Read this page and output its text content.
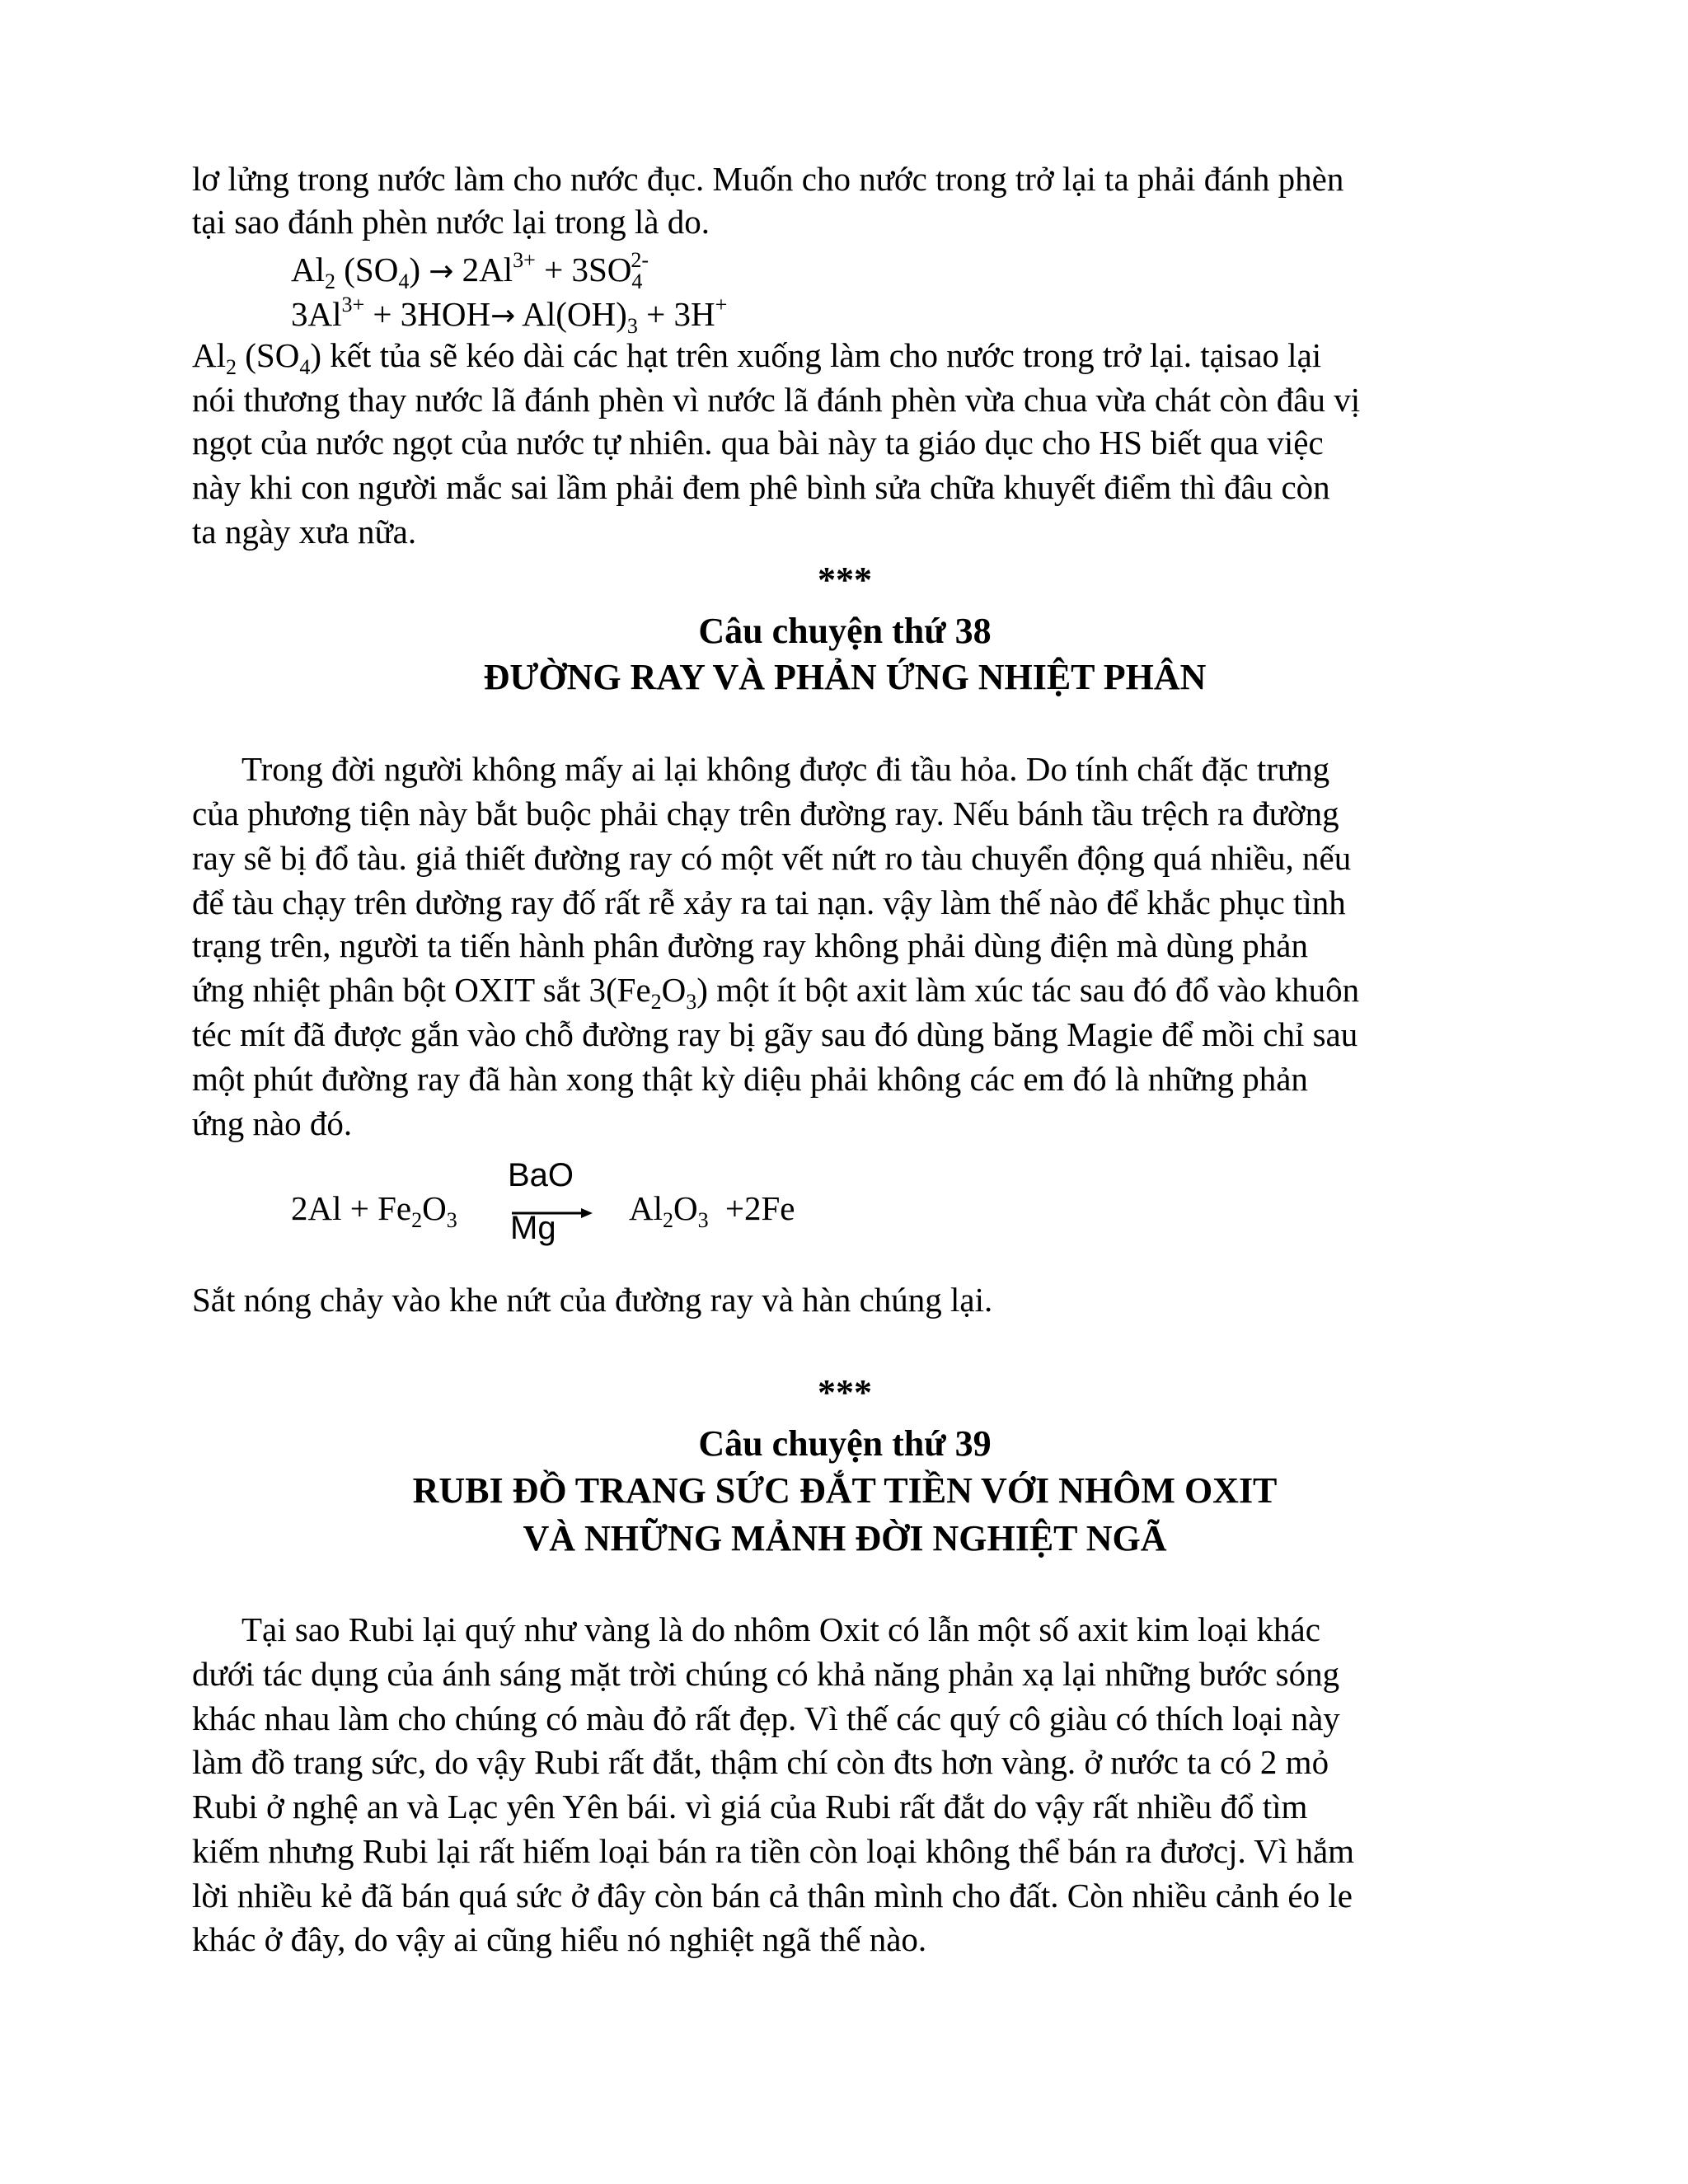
lơ lửng trong nước làm cho nước đục. Muốn cho nước trong trở lại ta phải đánh phèn
tại sao đánh phèn nước lại trong là do.
$Al_2$ $(SO_4) \to 2Al^{3+} + 3SO_4^{2-}$
$3Al^{3+} + 3HOH\to Al(OH)_3 + 3H^+$
$Al_2$ $(SO_4)$ kết tủa sẽ kéo dài các hạt trên xuống làm cho nước trong trở lại. tạisao lại
nói thương thay nước lã đánh phèn vì nước lã đánh phèn vừa chua vừa chát còn đâu vị
ngọt của nước ngọt của nước tự nhiên. qua bài này ta giáo dục cho HS biết qua việc
này khi con người mắc sai lầm phải đem phê bình sửa chữa khuyết điểm thì đâu còn
ta ngày xưa nữa.
***
Câu chuyện thứ 38
ĐƯỜNG RAY VÀ PHẢN ỨNG NHIỆT PHÂN
Trong đời người không mấy ai lại không được đi tầu hỏa. Do tính chất đặc trưng
của phương tiện này bắt buộc phải chạy trên đường ray. Nếu bánh tầu trệch ra đường
ray sẽ bị đổ tàu. giả thiết đường ray có một vết nứt ro tàu chuyển động quá nhiều, nếu
để tàu chạy trên dường ray đố rất rễ xảy ra tai nạn. vậy làm thế nào để khắc phục tình
trạng trên, người ta tiến hành phân đường ray không phải dùng điện mà dùng phản
ứng nhiệt phân bột OXIT sắt $3(Fe_2O_3)$ một ít bột axit làm xúc tác sau đó đổ vào khuôn
téc mít đã được gắn vào chỗ đường ray bị gãy sau đó dùng băng Magie để mồi chỉ sau
một phút đường ray đã hàn xong thật kỳ diệu phải không các em đó là những phản
ứng nào đó.
$2Al + Fe_2O_3$
BaO
Mg
$Al_2O_3 +2Fe$
Sắt nóng chảy vào khe nứt của đường ray và hàn chúng lại.
***
Câu chuyện thứ 39
RUBI ĐỒ TRANG SỨC ĐẮT TIỀN VỚI NHÔM OXIT
VÀ NHỮNG MẢNH ĐỜI NGHIỆT NGÃ
Tại sao Rubi lại quý như vàng là do nhôm Oxit có lẫn một số axit kim loại khác
dưới tác dụng của ánh sáng mặt trời chúng có khả năng phản xạ lại những bước sóng
khác nhau làm cho chúng có màu đỏ rất đẹp. Vì thế các quý cô giàu có thích loại này
làm đồ trang sức, do vậy Rubi rất đắt, thậm chí còn đts hơn vàng. ở nước ta có 2 mỏ
Rubi ở nghệ an và Lạc yên Yên bái. vì giá của Rubi rất đắt do vậy rất nhiều đổ tìm
kiếm nhưng Rubi lại rất hiếm loại bán ra tiền còn loại không thể bán ra đươcj. Vì hắm
lời nhiều kẻ đã bán quá sức ở đây còn bán cả thân mình cho đất. Còn nhiều cảnh éo le
khác ở đây, do vậy ai cũng hiểu nó nghiệt ngã thế nào.
